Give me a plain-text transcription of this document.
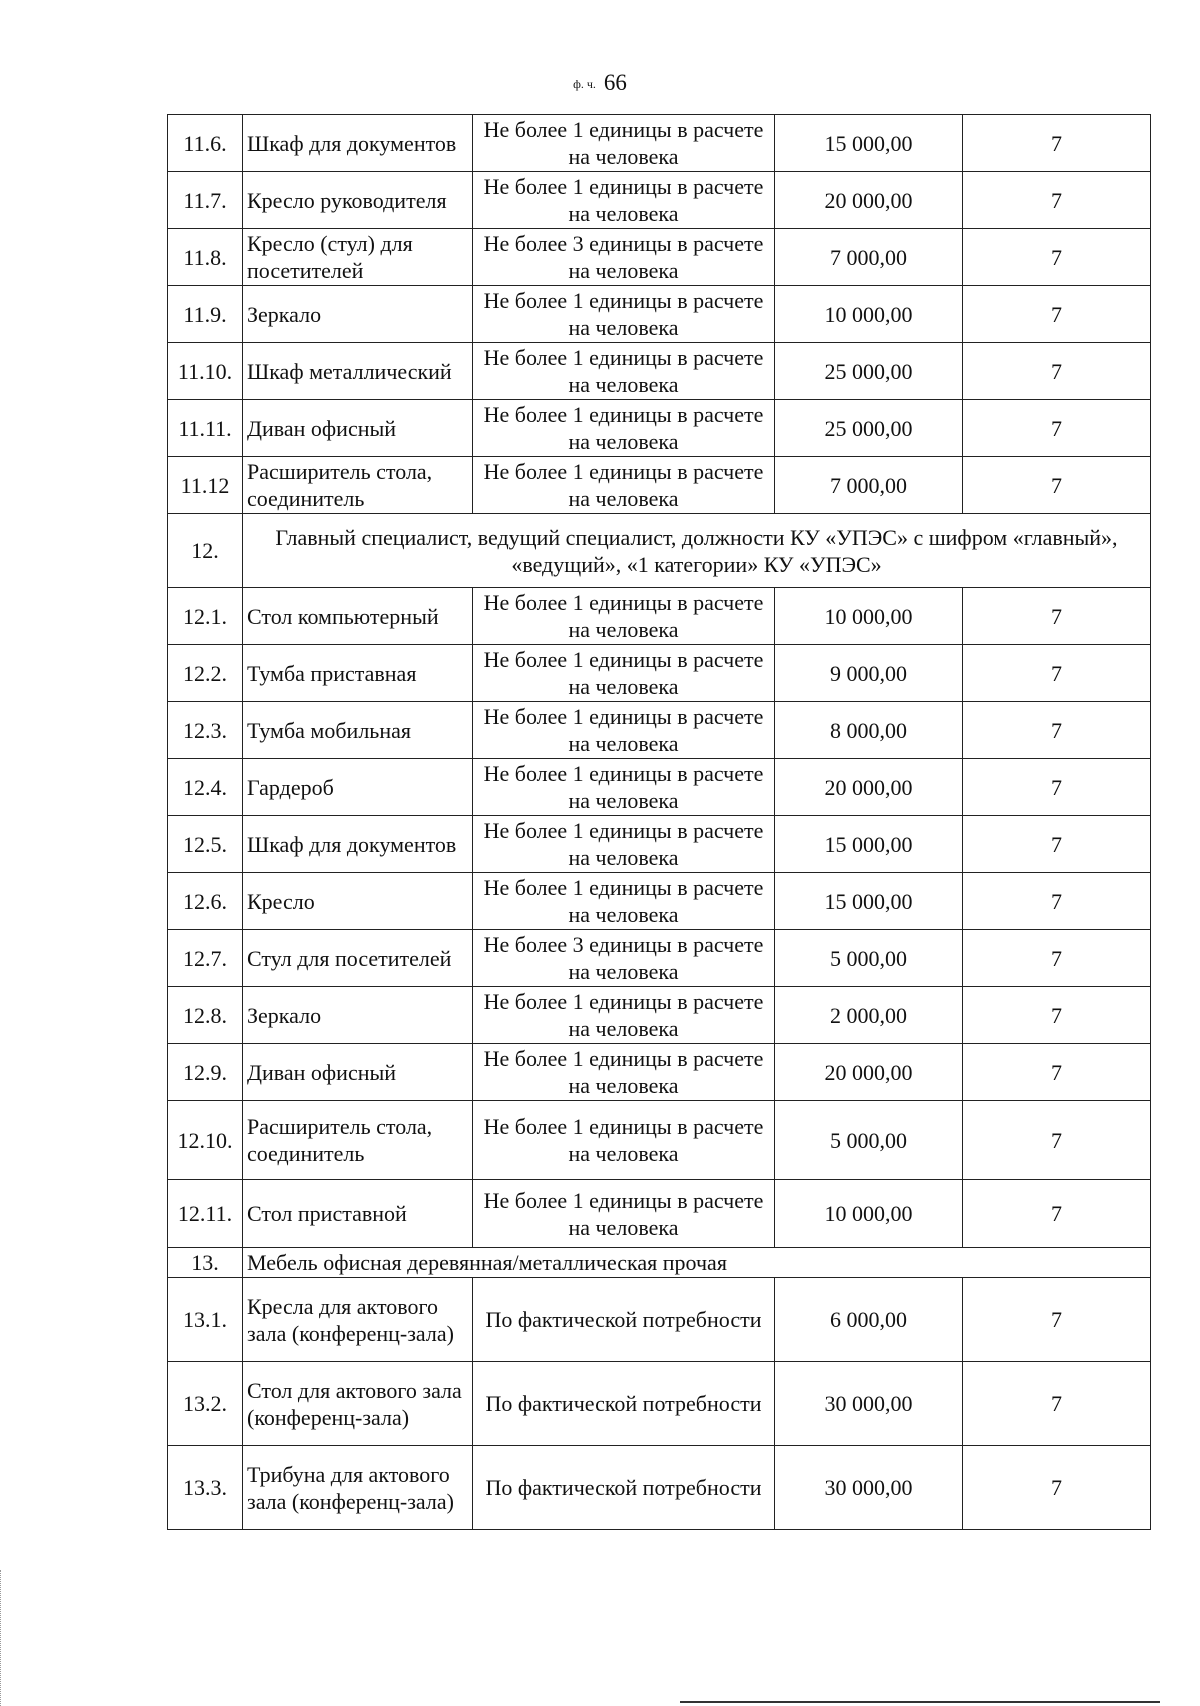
ф. ч. 66
11.6.	Шкаф для документов	Не более 1 единицы в расчете на человека	15 000,00	7
11.7.	Кресло руководителя	Не более 1 единицы в расчете на человека	20 000,00	7
11.8.	Кресло (стул) для посетителей	Не более 3 единицы в расчете на человека	7 000,00	7
11.9.	Зеркало	Не более 1 единицы в расчете на человека	10 000,00	7
11.10.	Шкаф металлический	Не более 1 единицы в расчете на человека	25 000,00	7
11.11.	Диван офисный	Не более 1 единицы в расчете на человека	25 000,00	7
11.12	Расширитель стола, соединитель	Не более 1 единицы в расчете на человека	7 000,00	7
12.	Главный специалист, ведущий специалист, должности КУ «УПЭС» с шифром «главный», «ведущий», «1 категории» КУ «УПЭС»			
12.1.	Стол компьютерный	Не более 1 единицы в расчете на человека	10 000,00	7
12.2.	Тумба приставная	Не более 1 единицы в расчете на человека	9 000,00	7
12.3.	Тумба мобильная	Не более 1 единицы в расчете на человека	8 000,00	7
12.4.	Гардероб	Не более 1 единицы в расчете на человека	20 000,00	7
12.5.	Шкаф для документов	Не более 1 единицы в расчете на человека	15 000,00	7
12.6.	Кресло	Не более 1 единицы в расчете на человека	15 000,00	7
12.7.	Стул для посетителей	Не более 3 единицы в расчете на человека	5 000,00	7
12.8.	Зеркало	Не более 1 единицы в расчете на человека	2 000,00	7
12.9.	Диван офисный	Не более 1 единицы в расчете на человека	20 000,00	7
12.10.	Расширитель стола, соединитель	Не более 1 единицы в расчете на человека	5 000,00	7
12.11.	Стол приставной	Не более 1 единицы в расчете на человека	10 000,00	7
13.	Мебель офисная деревянная/металлическая прочая			
13.1.	Кресла для актового зала (конференц-зала)	По фактической потребности	6 000,00	7
13.2.	Стол для актового зала (конференц-зала)	По фактической потребности	30 000,00	7
13.3.	Трибуна для актового зала (конференц-зала)	По фактической потребности	30 000,00	7
